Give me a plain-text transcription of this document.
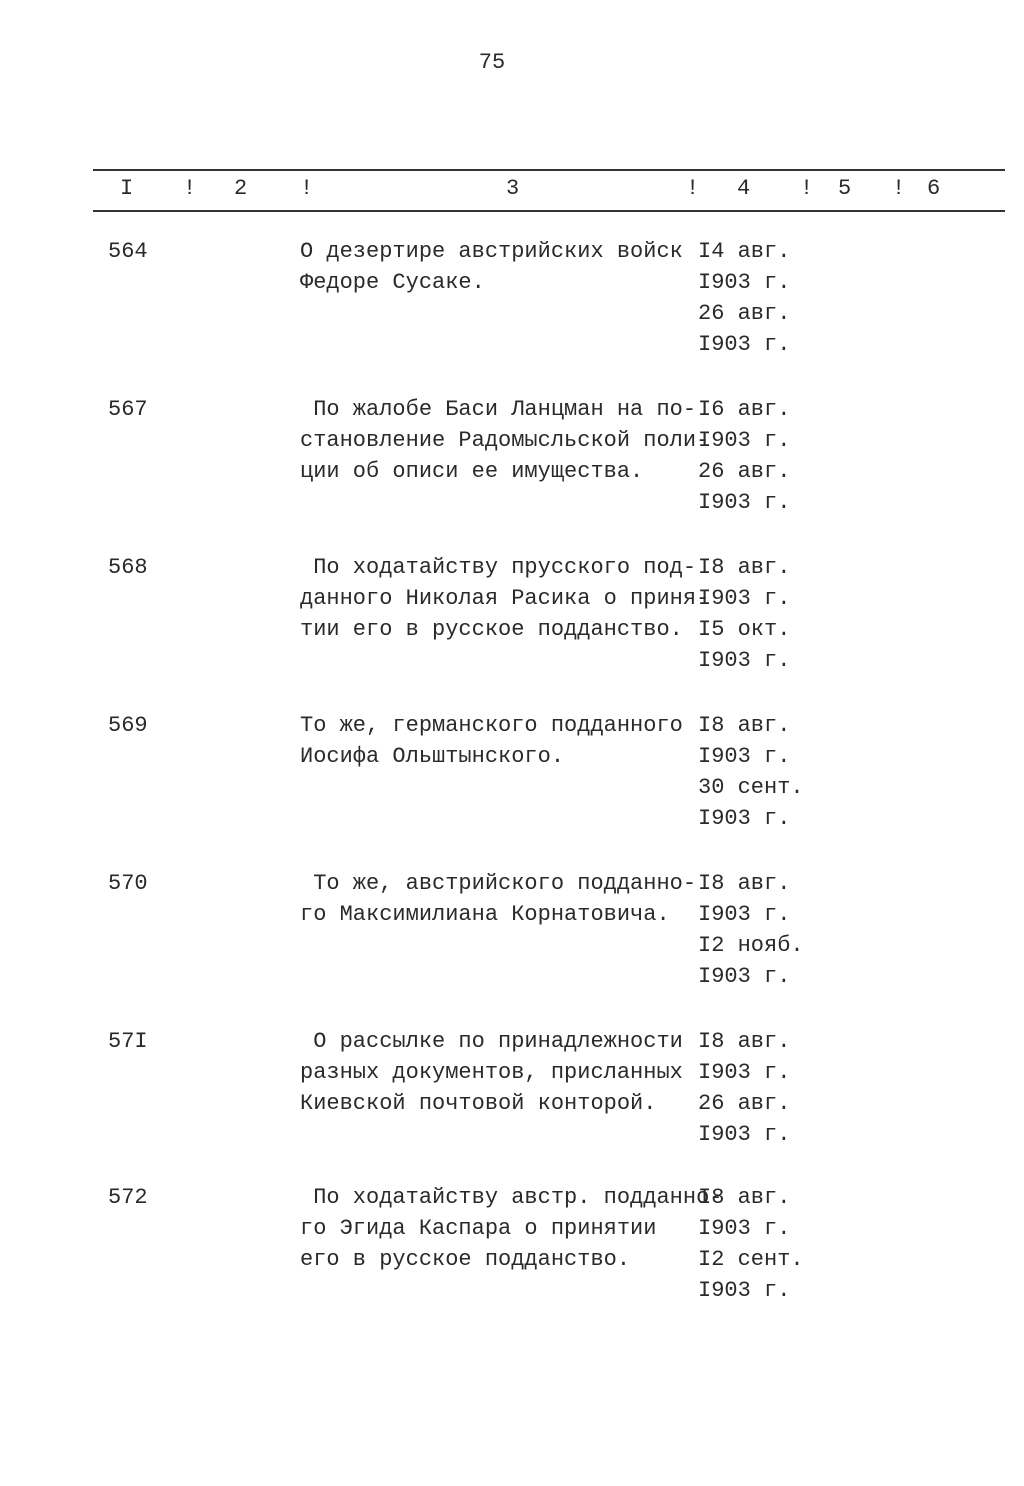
75
I ! 2 !	3	! 4 ! 5 ! 6
564	О дезертире австрийских войск
Федоре Сусаке.
I4 авг.
I903 г.
26 авг.
I903 г.
567	По жалобе Баси Ланцман на по-
становление Радомысльской поли-
ции об описи ее имущества.
I6 авг.
I903 г.
26 авг.
I903 г.
568	По ходатайству прусского под-
данного Николая Расика о приня-
тии его в русское подданство.
I8 авг.
I903 г.
I5 окт.
I903 г.
569	То же, германского подданного
Иосифа Ольштынского.
I8 авг.
I903 г.
30 сент.
I903 г.
570	То же, австрийского подданно-
го Максимилиана Корнатовича.
I8 авг.
I903 г.
I2 нояб.
I903 г.
57I	О рассылке по принадлежности
разных документов, присланных
Киевской почтовой конторой.
I8 авг.
I903 г.
26 авг.
I903 г.
572	По ходатайству австр. подданно-
го Эгида Каспара о принятии
его в русское подданство.
I8 авг.
I903 г.
I2 сент.
I903 г.
